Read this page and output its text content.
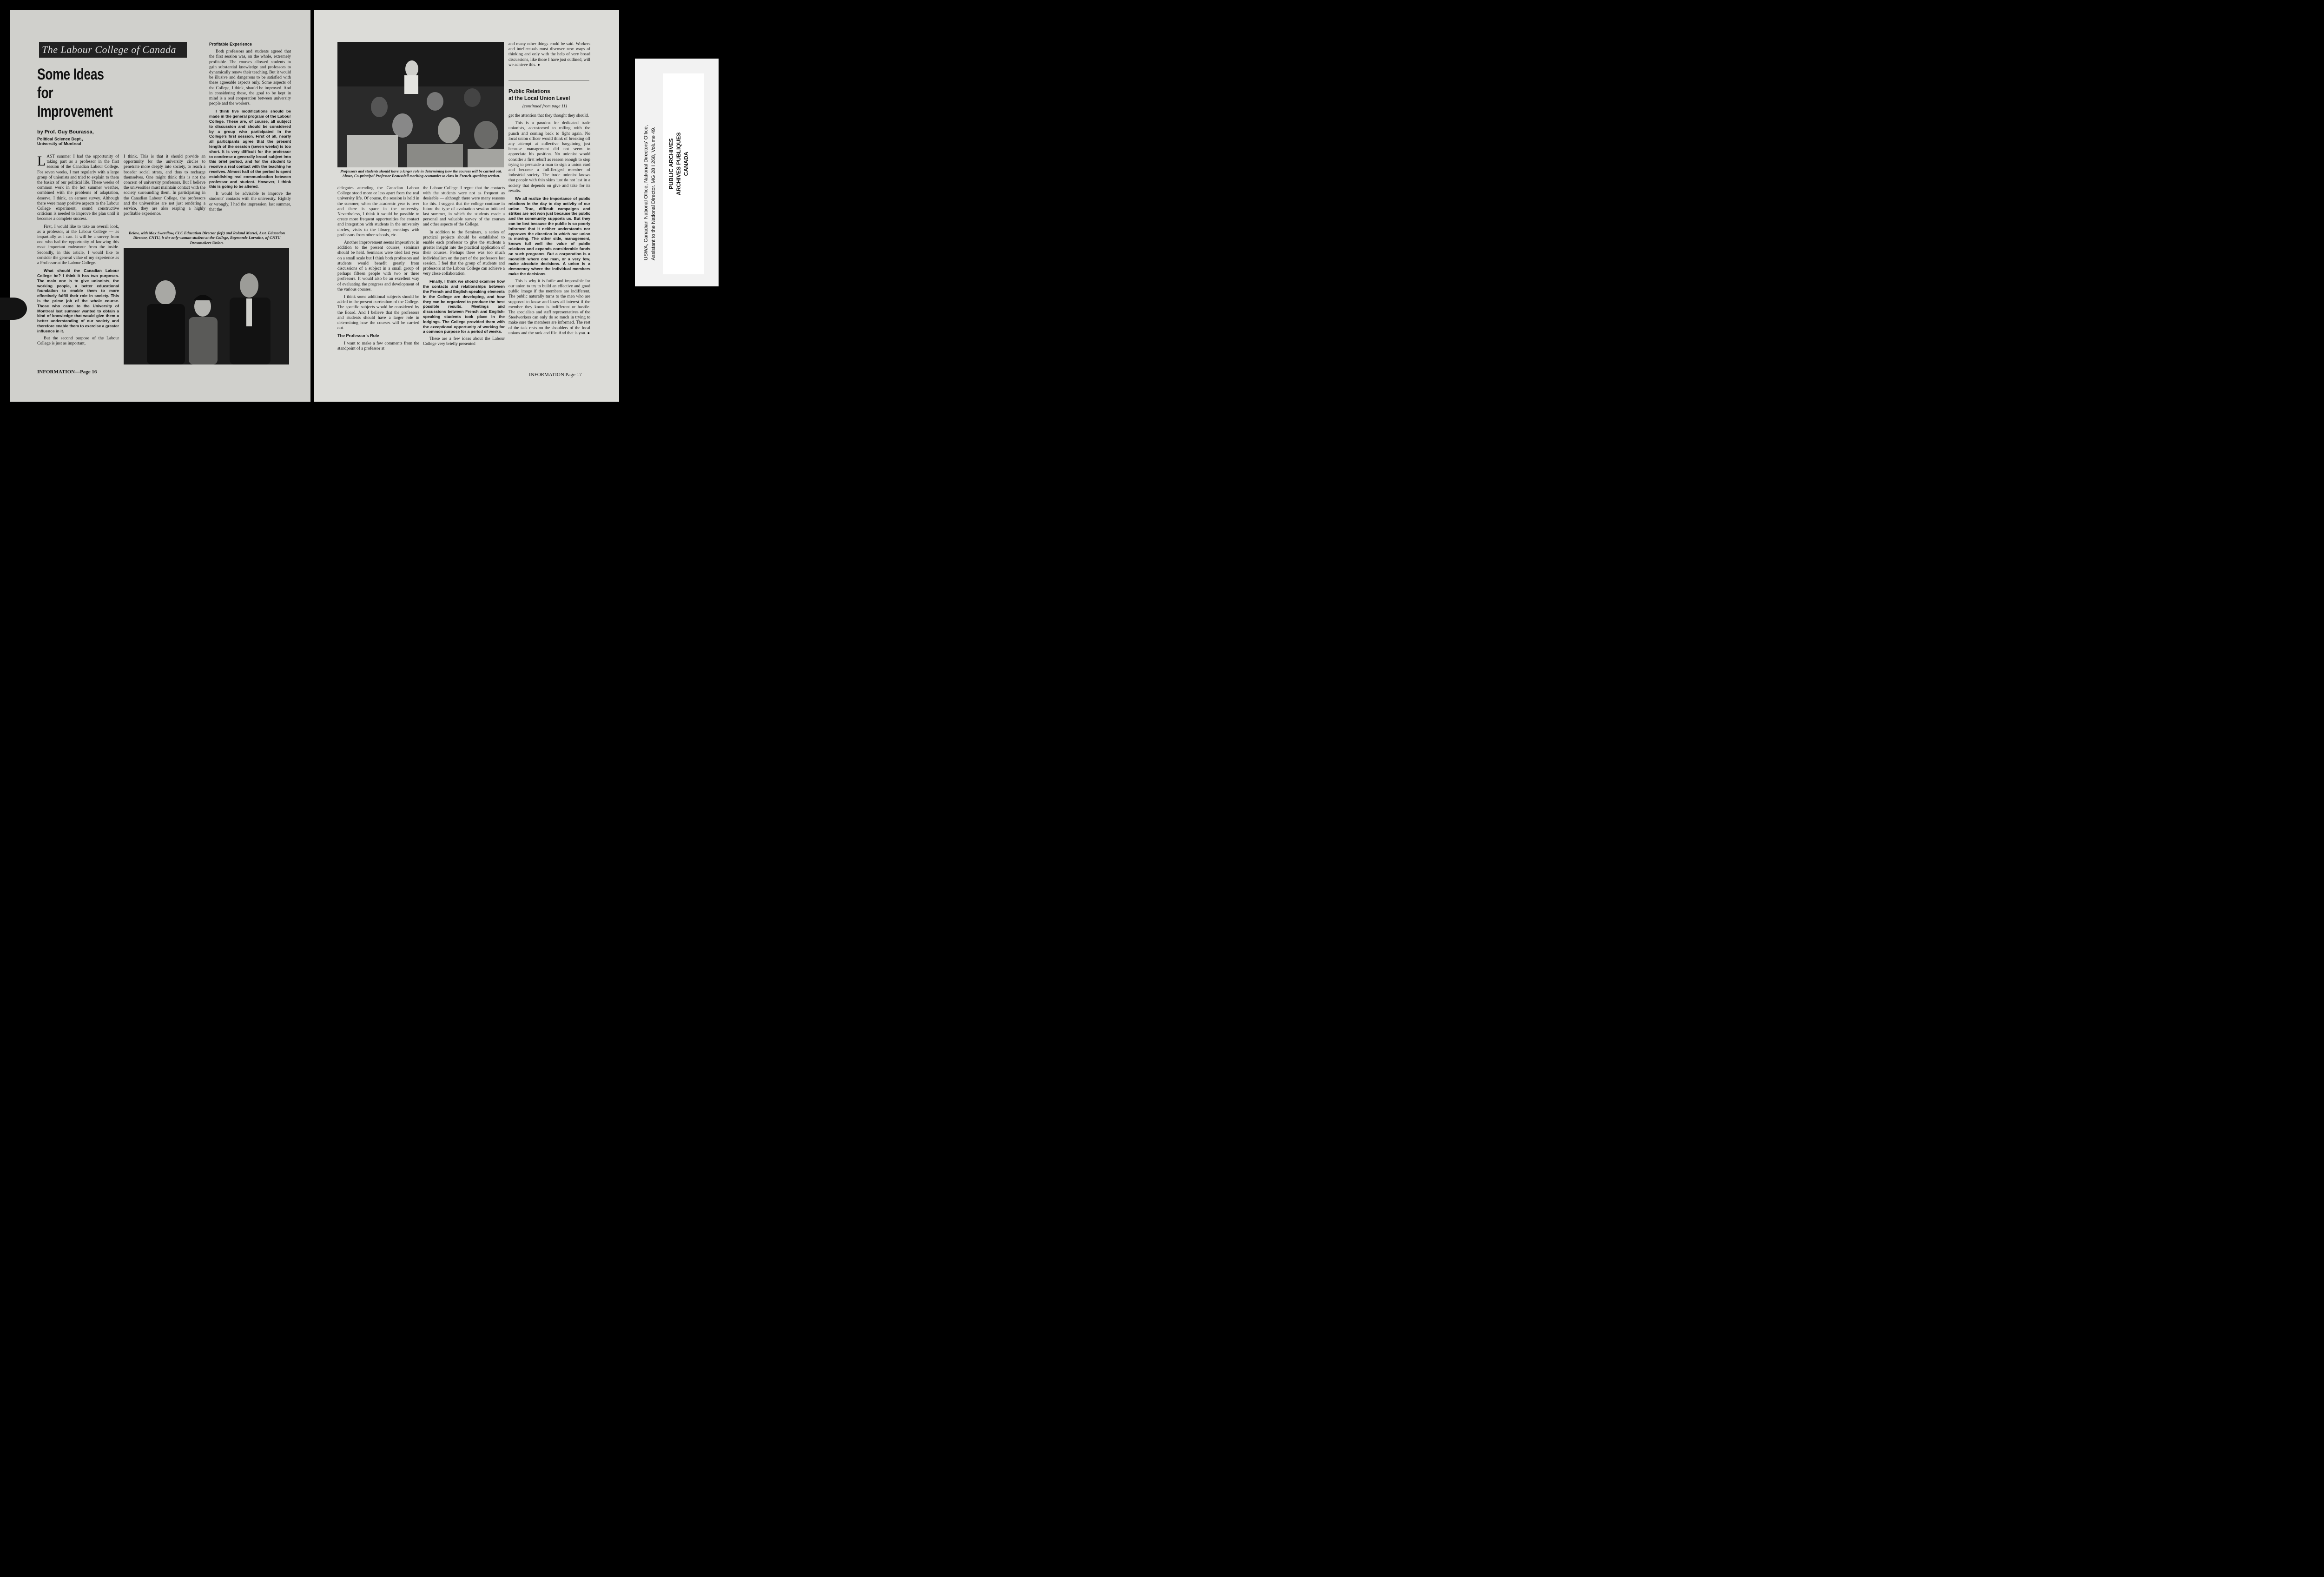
The Labour College of Canada
Some Ideas
for
Improvement
by Prof. Guy Bourassa,
Political Science Dept.,
University of Montreal

LAST summer I had the opportunity of taking part as a professor in the first session of the Canadian Labour College. For seven weeks, I met regularly with a large group of unionists and tried to explain to them the basics of our political life. These weeks of common work in the hot summer weather, combined with the problems of adaptation, deserve, I think, an earnest survey. Although there were many positive aspects to the Labour College experiment, sound constructive criticism is needed to improve the plan until it becomes a complete success.

First, I would like to take an overall look, as a professor, at the Labour College — as impartially as I can. It will be a survey from one who had the opportunity of knowing this most important endeavour from the inside. Secondly, in this article, I would like to consider the general value of my experience as a Professor at the Labour College.

What should the Canadian Labour College be? I think it has two purposes. The main one is to give unionists, the working people, a better educational foundation to enable them to more effectively fulfill their role in society. This is the prime job of the whole course. Those who came to the University of Montreal last summer wanted to obtain a kind of knowledge that would give them a better understanding of our society and therefore enable them to exercise a greater influence in it.

But the second purpose of the Labour College is just as important,

I think. This is that it should provide an opportunity for the university circles to penetrate more deeply into society, to reach a broader social strata, and thus to recharge themselves. One might think this is not the concern of university professors. But I believe the universities must maintain contact with the society surrounding them. In participating in the Canadian Labour College, the professors and the universities are not just rendering a service, they are also reaping a highly profitable experience.

Profitable Experience

Both professors and students agreed that the first session was, on the whole, extremely profitable. The courses allowed students to gain substantial knowledge and professors to dynamically renew their teaching. But it would be illusive and dangerous to be satisfied with these agreeable aspects only. Some aspects of the College, I think, should be improved. And in considering these, the goal to be kept in mind is a real cooperation between university people and the workers.

I think five modifications should be made in the general program of the Labour College. These are, of course, all subject to discussion and should be considered by a group who participated in the College's first session. First of all, nearly all participants agree that the present length of the session (seven weeks) is too short. It is very difficult for the professor to condense a generally broad subject into this brief period, and for the student to receive a real contact with the teaching he receives. Almost half of the period is spent establishing real communication between professor and student. However, I think this is going to be altered.

It would be advisable to improve the students' contacts with the university. Rightly or wrongly, I had the impression, last summer, that the

Below, with Max Swerdlow, CLC Education Director (left) and Roland Martel, Asst. Education Director, CNTU, is the only woman student at the College, Raymonde Lorraine, of CNTU Dressmakers Union.
INFORMATION—Page 16
Professors and students should have a larger role in determining how the courses will be carried out. Above, Co-principal Professor Beausoleil teaching economics to class in French-speaking section.

delegates attending the Canadian Labour College stood more or less apart from the real university life. Of course, the session is held in the summer, when the academic year is over and there is space in the university. Nevertheless, I think it would be possible to create more frequent opportunities for contact and integration with students in the university circles, visits to the library, meetings with professors from other schools, etc.

Another improvement seems imperative: in addition to the present courses, seminars should be held. Seminars were tried last year on a small scale but I think both professors and students would benefit greatly from discussions of a subject in a small group of perhaps fifteen people with two or three professors. It would also be an excellent way of evaluating the progress and development of the various courses.

I think some additional subjects should be added to the present curriculum of the College. The specific subjects would be considered by the Board. And I believe that the professors and students should have a larger role in determining how the courses will be carried out.

The Professor's Role

I want to make a few comments from the standpoint of a professor at

the Labour College. I regret that the contacts with the students were not as frequent as desirable — although there were many reasons for this. I suggest that the college continue in future the type of evaluation session initiated last summer, in which the students made a personal and valuable survey of the courses and other aspects of the College.

In addition to the Seminars, a series of practical projects should be established to enable each professor to give the students a greater insight into the practical application of their courses. Perhaps there was too much individualism on the part of the professors last session. I feel that the group of students and professors at the Labour College can achieve a very close collaboration.

Finally, I think we should examine how the contacts and relationships between the French and English-speaking elements in the College are developing, and how they can be organized to produce the best possible results. Meetings and discussions between French and English-speaking students took place in the lodgings. The College provided them with the exceptional opportunity of working for a common purpose for a period of weeks.

These are a few ideas about the Labour College very briefly presented

and many other things could be said. Workers and intellectuals must discover new ways of thinking and only with the help of very broad discussions, like those I have just outlined, will we achieve this. ●

Public Relations
at the Local Union Level
(continued from page 11)

get the attention that they thought they should.

This is a paradox for dedicated trade unionists, accustomed to rolling with the punch and coming back to fight again. No local union officer would think of breaking off any attempt at collective bargaining just because management did not seem to appreciate his position. No unionist would consider a first rebuff as reason enough to stop trying to persuade a man to sign a union card and become a full-fledged member of industrial society. The trade unionist knows that people with thin skins just do not last in a society that depends on give and take for its results.

We all realize the importance of public relations in the day to day activity of our union. True, difficult campaigns and strikes are not won just because the public and the community supports us. But they can be lost because the public is so poorly informed that it neither understands nor approves the direction in which our union is moving. The other side, management, knows full well the value of public relations and expends considerable funds on such programs. But a corporation is a monolith where one man, or a very few, make absolute decisions. A union is a democracy where the individual members make the decisions.

This is why it is futile and impossible for our union to try to build an effective and good public image if the members are indifferent. The public naturally turns to the men who are supposed to know and loses all interest if the member they know is indifferent or hostile. The specialists and staff representatives of the Steelworkers can only do so much in trying to make sure the members are informed. The rest of the task rests on the shoulders of the local unions and the rank and file. And that is you. ●

INFORMATION Page 17
USWA, Canadian National Office, National Directors' Office, Assistant to the National Director. MG 28 I 268, Volume 49. PUBLIC ARCHIVES ARCHIVES PUBLIQUES CANADA
